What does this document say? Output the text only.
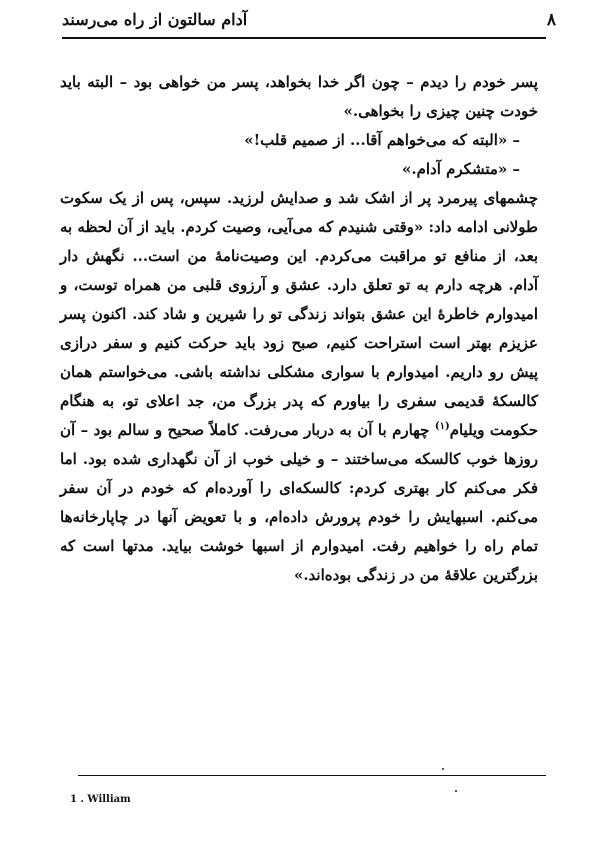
آدام سالتون از راه می‌رسند	۸

پسر خودم را دیدم – چون اگر خدا بخواهد، پسر من خواهی بود – البته باید خودت چنین چیزی را بخواهی.»

– «البته که می‌خواهم آقا... از صمیم قلب!»

– «متشکرم آدام.»

چشمهای پیرمرد پر از اشک شد و صدایش لرزید. سپس، پس از یک سکوت طولانی ادامه داد: «وقتی شنیدم که می‌آیی، وصیت کردم. باید از آن لحظه به بعد، از منافع تو مراقبت می‌کردم. این وصیت‌نامهٔ من است... نگهش دار آدام. هرچه دارم به تو تعلق دارد. عشق و آرزوی قلبی من همراه توست، و امیدوارم خاطرهٔ این عشق بتواند زندگی تو را شیرین و شاد کند. اکنون پسر عزیزم بهتر است استراحت کنیم، صبح زود باید حرکت کنیم و سفر درازی پیش رو داریم. امیدوارم با سواری مشکلی نداشته باشی. می‌خواستم همان کالسکهٔ قدیمی سفری را بیاورم که پدر بزرگ من، جد اعلای تو، به هنگام حکومت ویلیام$^{(۱)}$ چهارم با آن به دربار می‌رفت. کاملاً صحیح و سالم بود – آن روزها خوب کالسکه می‌ساختند – و خیلی خوب از آن نگهداری شده بود. اما فکر می‌کنم کار بهتری کردم: کالسکه‌ای را آورده‌ام که خودم در آن سفر می‌کنم. اسبهایش را خودم پرورش داده‌ام، و با تعویض آنها در چاپارخانه‌ها تمام راه را خواهیم رفت. امیدوارم از اسبها خوشت بیاید. مدتها است که بزرگترین علاقهٔ من در زندگی بوده‌اند.»

1 . William
